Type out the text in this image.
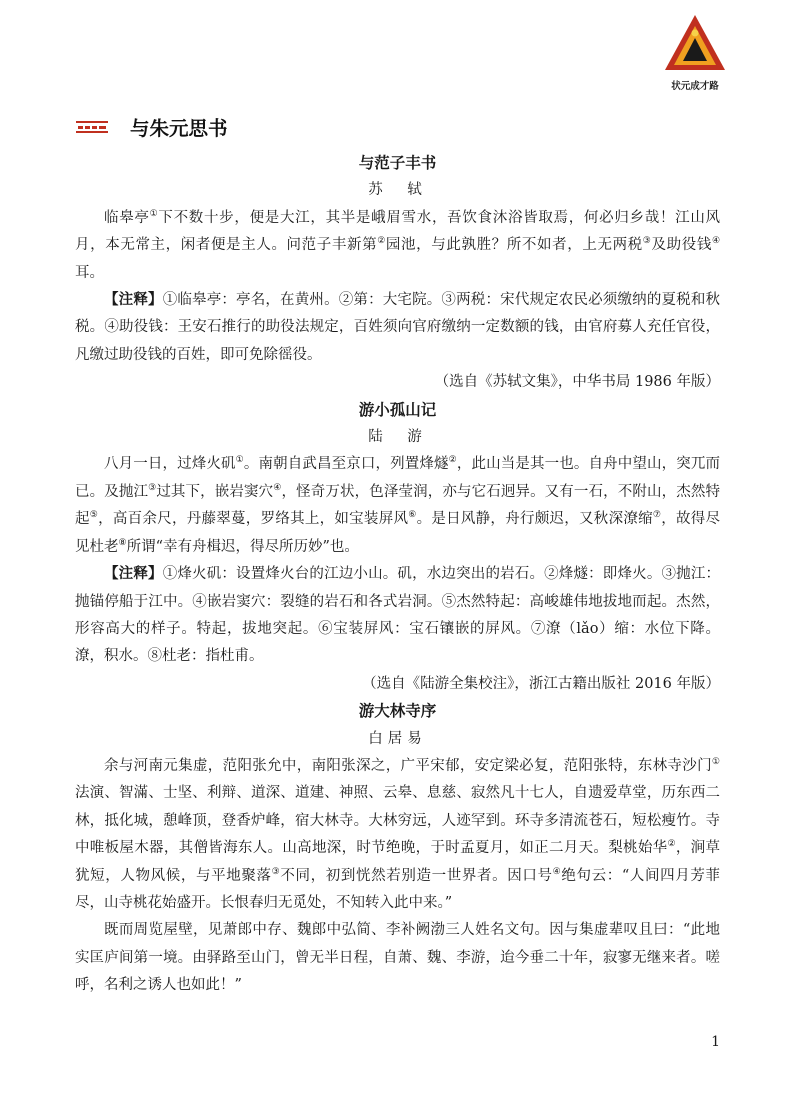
状元成才路
与朱元思书
与范子丰书
苏　轼

临皋亭①下不数十步，便是大江，其半是峨眉雪水，吾饮食沐浴皆取焉，何必归乡哉！江山风月，本无常主，闲者便是主人。问范子丰新第②园池，与此孰胜？所不如者，上无两税③及助役钱④耳。

【注释】①临皋亭：亭名，在黄州。②第：大宅院。③两税：宋代规定农民必须缴纳的夏税和秋税。④助役钱：王安石推行的助役法规定，百姓须向官府缴纳一定数额的钱，由官府募人充任官役，凡缴过助役钱的百姓，即可免除徭役。

（选自《苏轼文集》，中华书局 1986 年版）
游小孤山记
陆　游

八月一日，过烽火矶①。南朝自武昌至京口，列置烽燧②，此山当是其一也。自舟中望山，突兀而已。及抛江③过其下，嵌岩窦穴④，怪奇万状，色泽莹润，亦与它石迥异。又有一石，不附山，杰然特起⑤，高百余尺，丹藤翠蔓，罗络其上，如宝装屏风⑥。是日风静，舟行颇迟，又秋深潦缩⑦，故得尽见杜老⑧所谓“幸有舟楫迟，得尽所历妙”也。

【注释】①烽火矶：设置烽火台的江边小山。矶，水边突出的岩石。②烽燧：即烽火。③抛江：抛锚停船于江中。④嵌岩窦穴：裂缝的岩石和各式岩洞。⑤杰然特起：高峻雄伟地拔地而起。杰然，形容高大的样子。特起，拔地突起。⑥宝装屏风：宝石镶嵌的屏风。⑦潦（lǎo）缩：水位下降。潦，积水。⑧杜老：指杜甫。

（选自《陆游全集校注》，浙江古籍出版社 2016 年版）
游大林寺序
白居易

余与河南元集虚，范阳张允中，南阳张深之，广平宋郁，安定梁必复，范阳张特，东林寺沙门①法演、智滿、士坚、利辩、道深、道建、神照、云皋、息慈、寂然凡十七人，自遗爱草堂，历东西二林，抵化城，憩峰顶，登香炉峰，宿大林寺。大林穷远，人迹罕到。环寺多清流苍石，短松瘦竹。寺中唯板屋木器，其僧皆海东人。山高地深，时节绝晚，于时孟夏月，如正二月天。梨桃始华②，涧草犹短，人物风候，与平地聚落③不同，初到恍然若别造一世界者。因口号④绝句云：“人间四月芳菲尽，山寺桃花始盛开。长恨春归无觅处，不知转入此中来。”

既而周览屋壁，见萧郎中存、魏郎中弘简、李补阙渤三人姓名文句。因与集虚辈叹且曰：“此地实匡庐间第一境。由驿路至山门，曾无半日程，自萧、魏、李游，迨今垂二十年，寂寥无继来者。嗟呼，名利之诱人也如此！”

1
